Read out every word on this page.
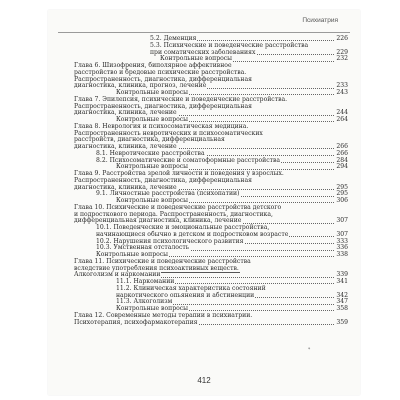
Психиатрия
5.2. Деменция	226
5.3. Психические и поведенческие расстройства
при соматических заболеваниях	229
Контрольные вопросы	232
Глава 6. Шизофрения, биполярное аффективное
расстройство и бредовые психические расстройства.
Распространенность, диагностика, дифференциальная
диагностика, клиника, прогноз, лечение	233
Контрольные вопросы	243
Глава 7. Эпилепсия, психические и поведенческие расстройства.
Распространенность, диагностика, дифференциальная
диагностика, клиника, лечение	244
Контрольные вопросы	264
Глава 8. Неврология и психосоматическая медицина.
Распространенность невротических и психосоматических
расстройств, диагностика, дифференциальная
диагностика, клиника, лечение	266
8.1. Невротические расстройства	266
8.2. Психосоматические и соматоформные расстройства	284
Контрольные вопросы	294
Глава 9. Расстройства зрелой личности и поведения у взрослых.
Распространенность, диагностика, дифференциальная
диагностика, клиника, лечение	295
9.1. Личностные расстройства (психопатии)	295
Контрольные вопросы	306
Глава 10. Психические и поведенческие расстройства детского
и подросткового периода. Распространенность, диагностика,
дифференциальная диагностика, клиника, лечение	307
10.1. Поведенческие и эмоциональные расстройства,
начинающиеся обычно в детском и подростковом возрасте	307
10.2. Нарушения психологического развития	333
10.3. Умственная отсталость	336
Контрольные вопросы	338
Глава 11. Психические и поведенческие расстройства
вследствие употребления психоактивных веществ.
Алкоголизм и наркомании	339
11.1. Наркомании	341
11.2. Клиническая характеристика состояний
наркотического опьянения и абстиненции	342
11.3. Алкоголизм	347
Контрольные вопросы	358
Глава 12. Современные методы терапии в психиатрии.
Психотерапия, психофармакотерапия	359
ᵩ
412
